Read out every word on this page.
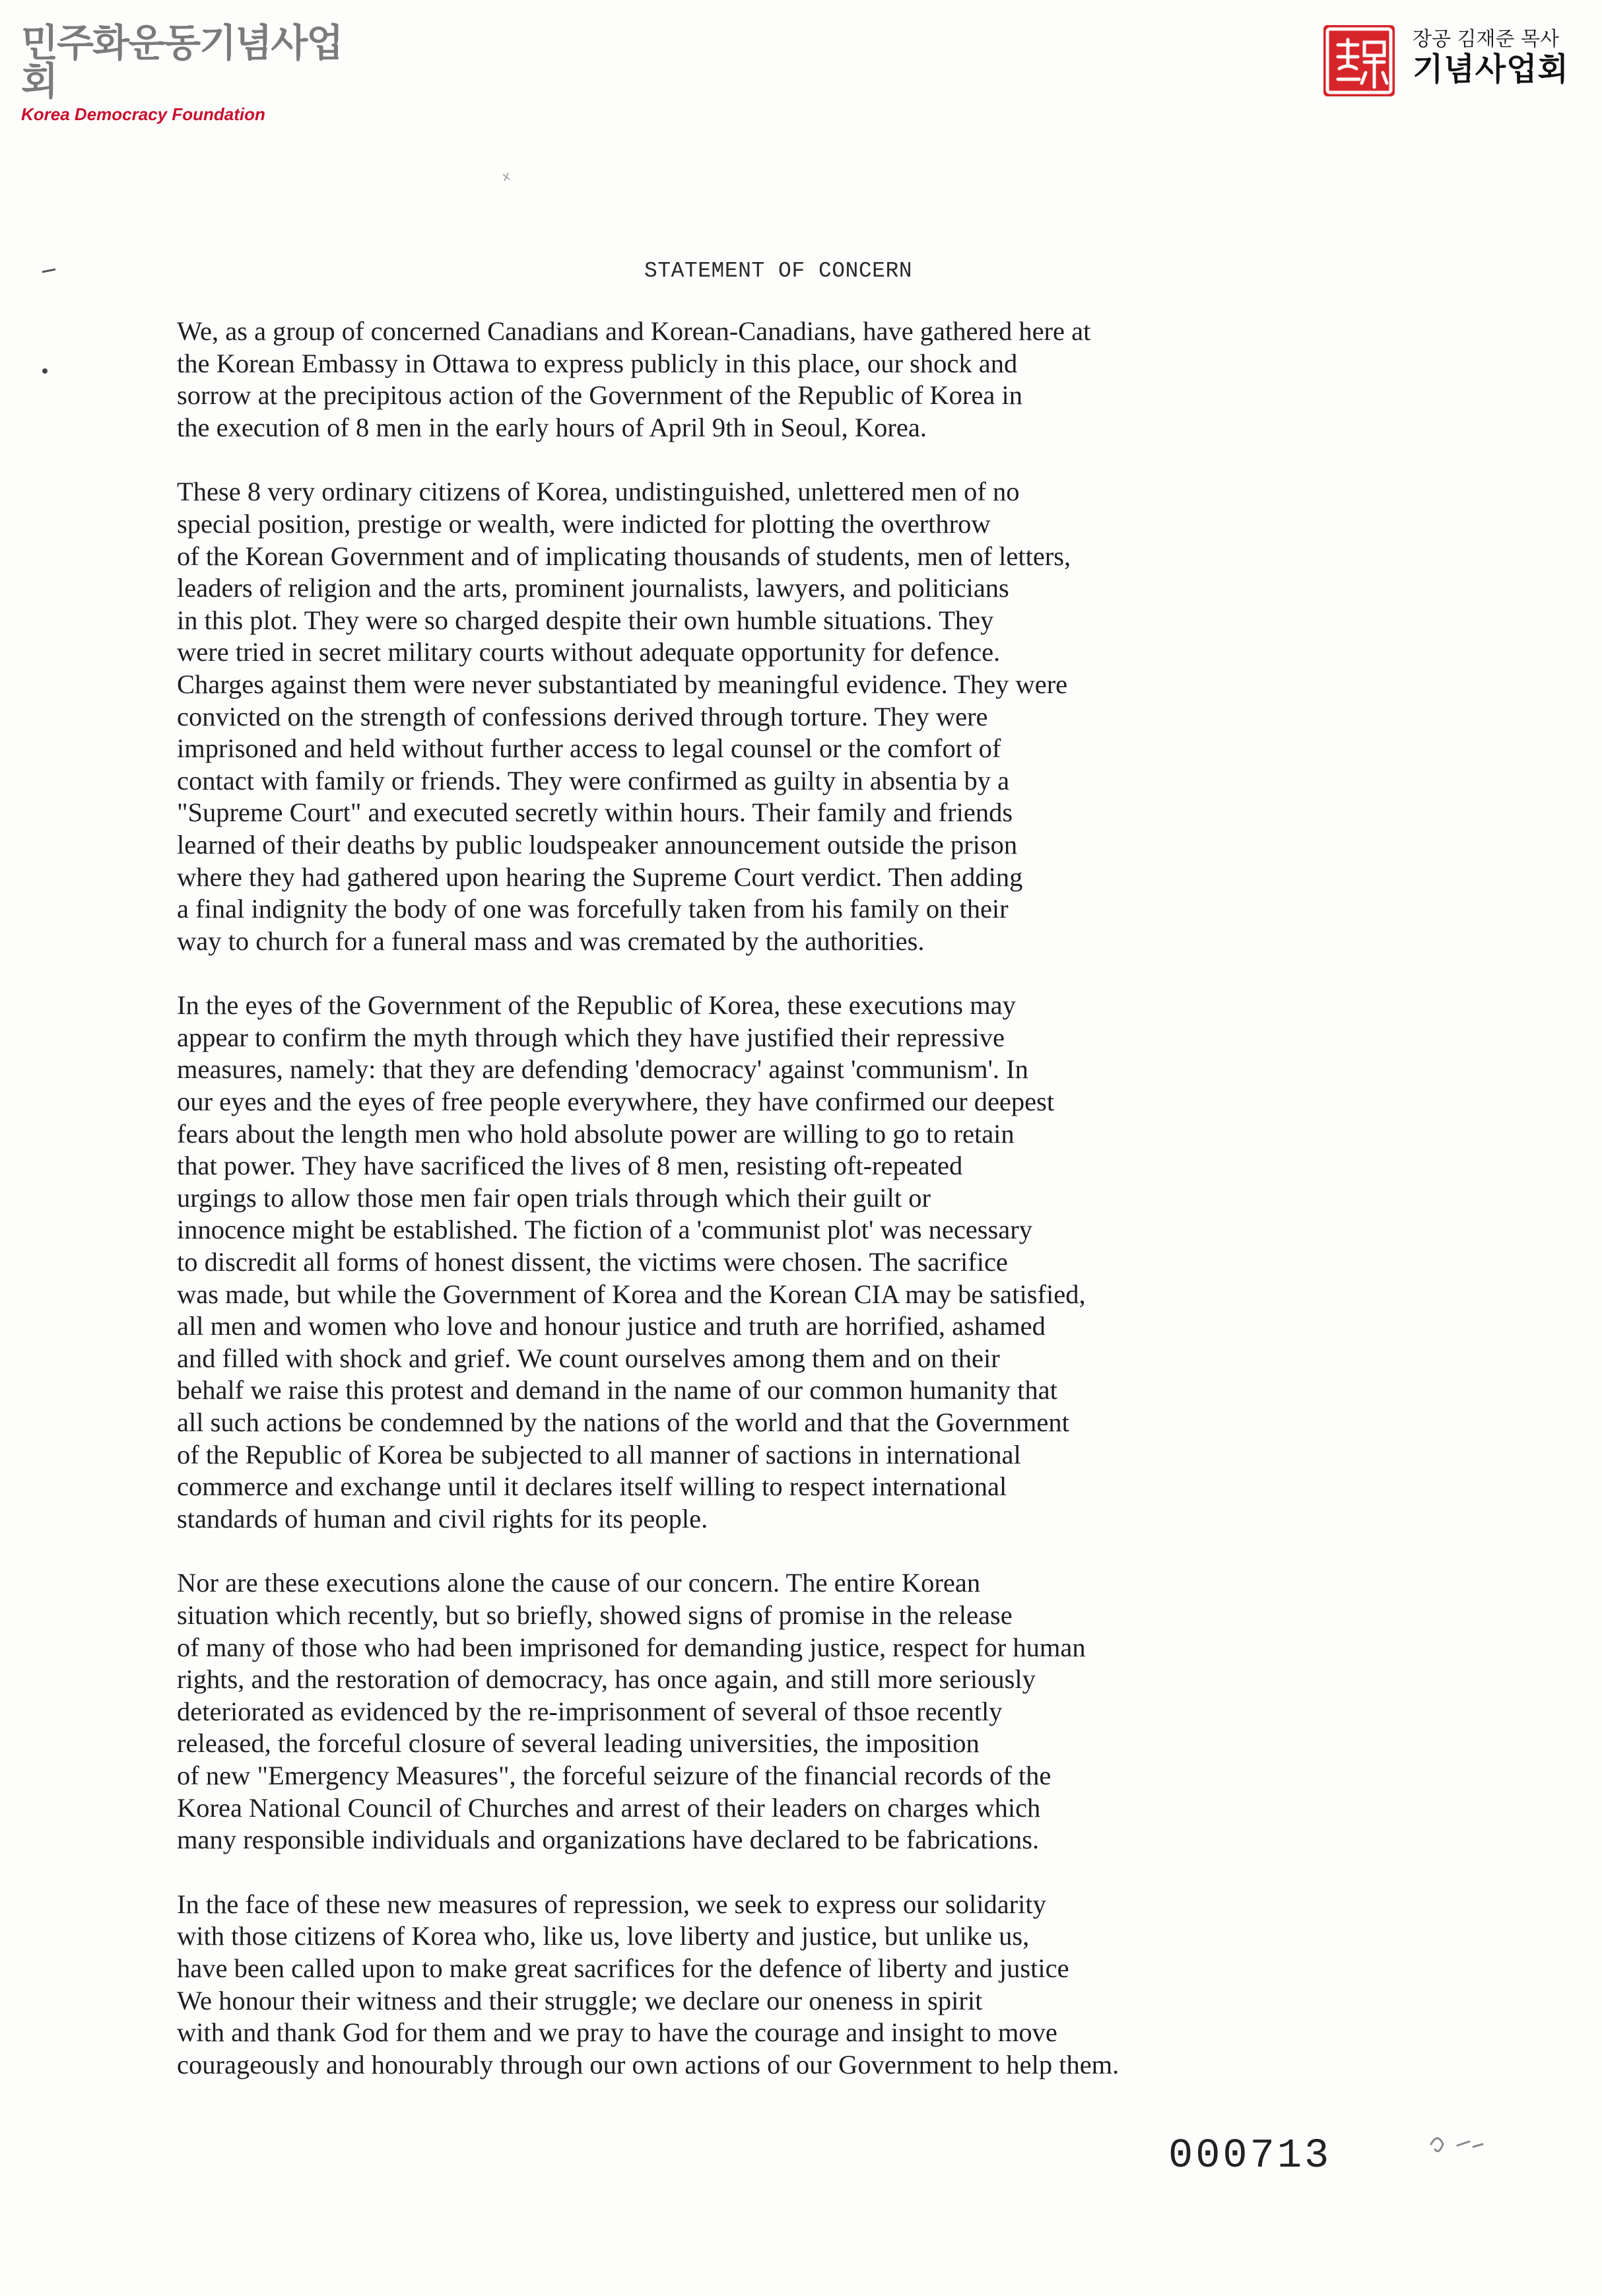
민주화운동기념사업회
Korea Democracy Foundation
장공 김재준 목사
기념사업회
STATEMENT OF CONCERN
We, as a group of concerned Canadians and Korean-Canadians, have gathered here at
the Korean Embassy in Ottawa to express publicly in this place, our shock and
sorrow at the precipitous action of the Government of the Republic of Korea in
the execution of 8 men in the early hours of April 9th in Seoul, Korea.
These 8 very ordinary citizens of Korea, undistinguished, unlettered men of no
special position, prestige or wealth, were indicted for plotting the overthrow
of the Korean Government and of implicating thousands of students, men of letters,
leaders of religion and the arts, prominent journalists, lawyers, and politicians
in this plot. They were so charged despite their own humble situations. They
were tried in secret military courts without adequate opportunity for defence.
Charges against them were never substantiated by meaningful evidence. They were
convicted on the strength of confessions derived through torture. They were
imprisoned and held without further access to legal counsel or the comfort of
contact with family or friends. They were confirmed as guilty in absentia by a
"Supreme Court" and executed secretly within hours. Their family and friends
learned of their deaths by public loudspeaker announcement outside the prison
where they had gathered upon hearing the Supreme Court verdict. Then adding
a final indignity the body of one was forcefully taken from his family on their
way to church for a funeral mass and was cremated by the authorities.
In the eyes of the Government of the Republic of Korea, these executions may
appear to confirm the myth through which they have justified their repressive
measures, namely: that they are defending 'democracy' against 'communism'. In
our eyes and the eyes of free people everywhere, they have confirmed our deepest
fears about the length men who hold absolute power are willing to go to retain
that power. They have sacrificed the lives of 8 men, resisting oft-repeated
urgings to allow those men fair open trials through which their guilt or
innocence might be established. The fiction of a 'communist plot' was necessary
to discredit all forms of honest dissent, the victims were chosen. The sacrifice
was made, but while the Government of Korea and the Korean CIA may be satisfied,
all men and women who love and honour justice and truth are horrified, ashamed
and filled with shock and grief. We count ourselves among them and on their
behalf we raise this protest and demand in the name of our common humanity that
all such actions be condemned by the nations of the world and that the Government
of the Republic of Korea be subjected to all manner of sactions in international
commerce and exchange until it declares itself willing to respect international
standards of human and civil rights for its people.
Nor are these executions alone the cause of our concern. The entire Korean
situation which recently, but so briefly, showed signs of promise in the release
of many of those who had been imprisoned for demanding justice, respect for human
rights, and the restoration of democracy, has once again, and still more seriously
deteriorated as evidenced by the re-imprisonment of several of thsoe recently
released, the forceful closure of several leading universities, the imposition
of new "Emergency Measures", the forceful seizure of the financial records of the
Korea National Council of Churches and arrest of their leaders on charges which
many responsible individuals and organizations have declared to be fabrications.
In the face of these new measures of repression, we seek to express our solidarity
with those citizens of Korea who, like us, love liberty and justice, but unlike us,
have been called upon to make great sacrifices for the defence of liberty and justice
We honour their witness and their struggle; we declare our oneness in spirit
with and thank God for them and we pray to have the courage and insight to move
courageously and honourably through our own actions of our Government to help them.
000713
